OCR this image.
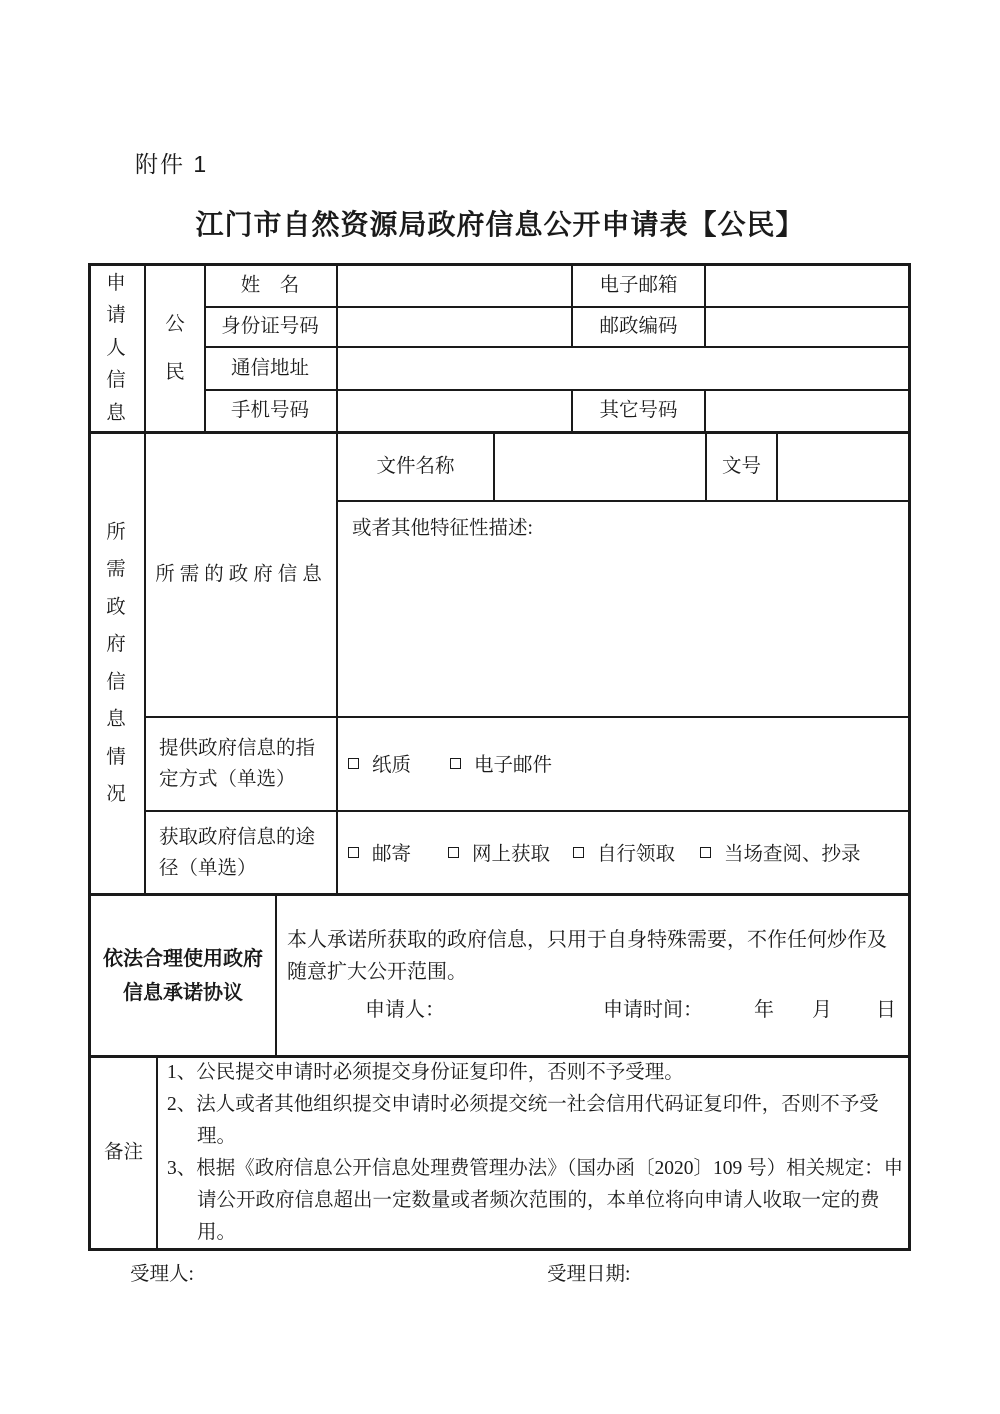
附件 1
江门市自然资源局政府信息公开申请表【公民】
申
请
人
信
息
公
民
姓　名	电子邮箱
身份证号码	邮政编码
通信地址
手机号码	其它号码
所
需
政
府
信
息
情
况
所需的政府信息
文件名称	文号
或者其他特征性描述:
提供政府信息的指定方式（单选）
纸质	电子邮件
获取政府信息的途径（单选）
邮寄	网上获取 自行领取	当场查阅、抄录
依法合理使用政府信息承诺协议
本人承诺所获取的政府信息，只用于自身特殊需要，不作任何炒作及随意扩大公开范围。
申请人：	申请时间：	年 月 日
备注
1、公民提交申请时必须提交身份证复印件，否则不予受理。
2、法人或者其他组织提交申请时必须提交统一社会信用代码证复印件，否则不予受理。
3、根据《政府信息公开信息处理费管理办法》（国办函〔2020〕109 号）相关规定：申请公开政府信息超出一定数量或者频次范围的，本单位将向申请人收取一定的费用。
受理人:	受理日期:
